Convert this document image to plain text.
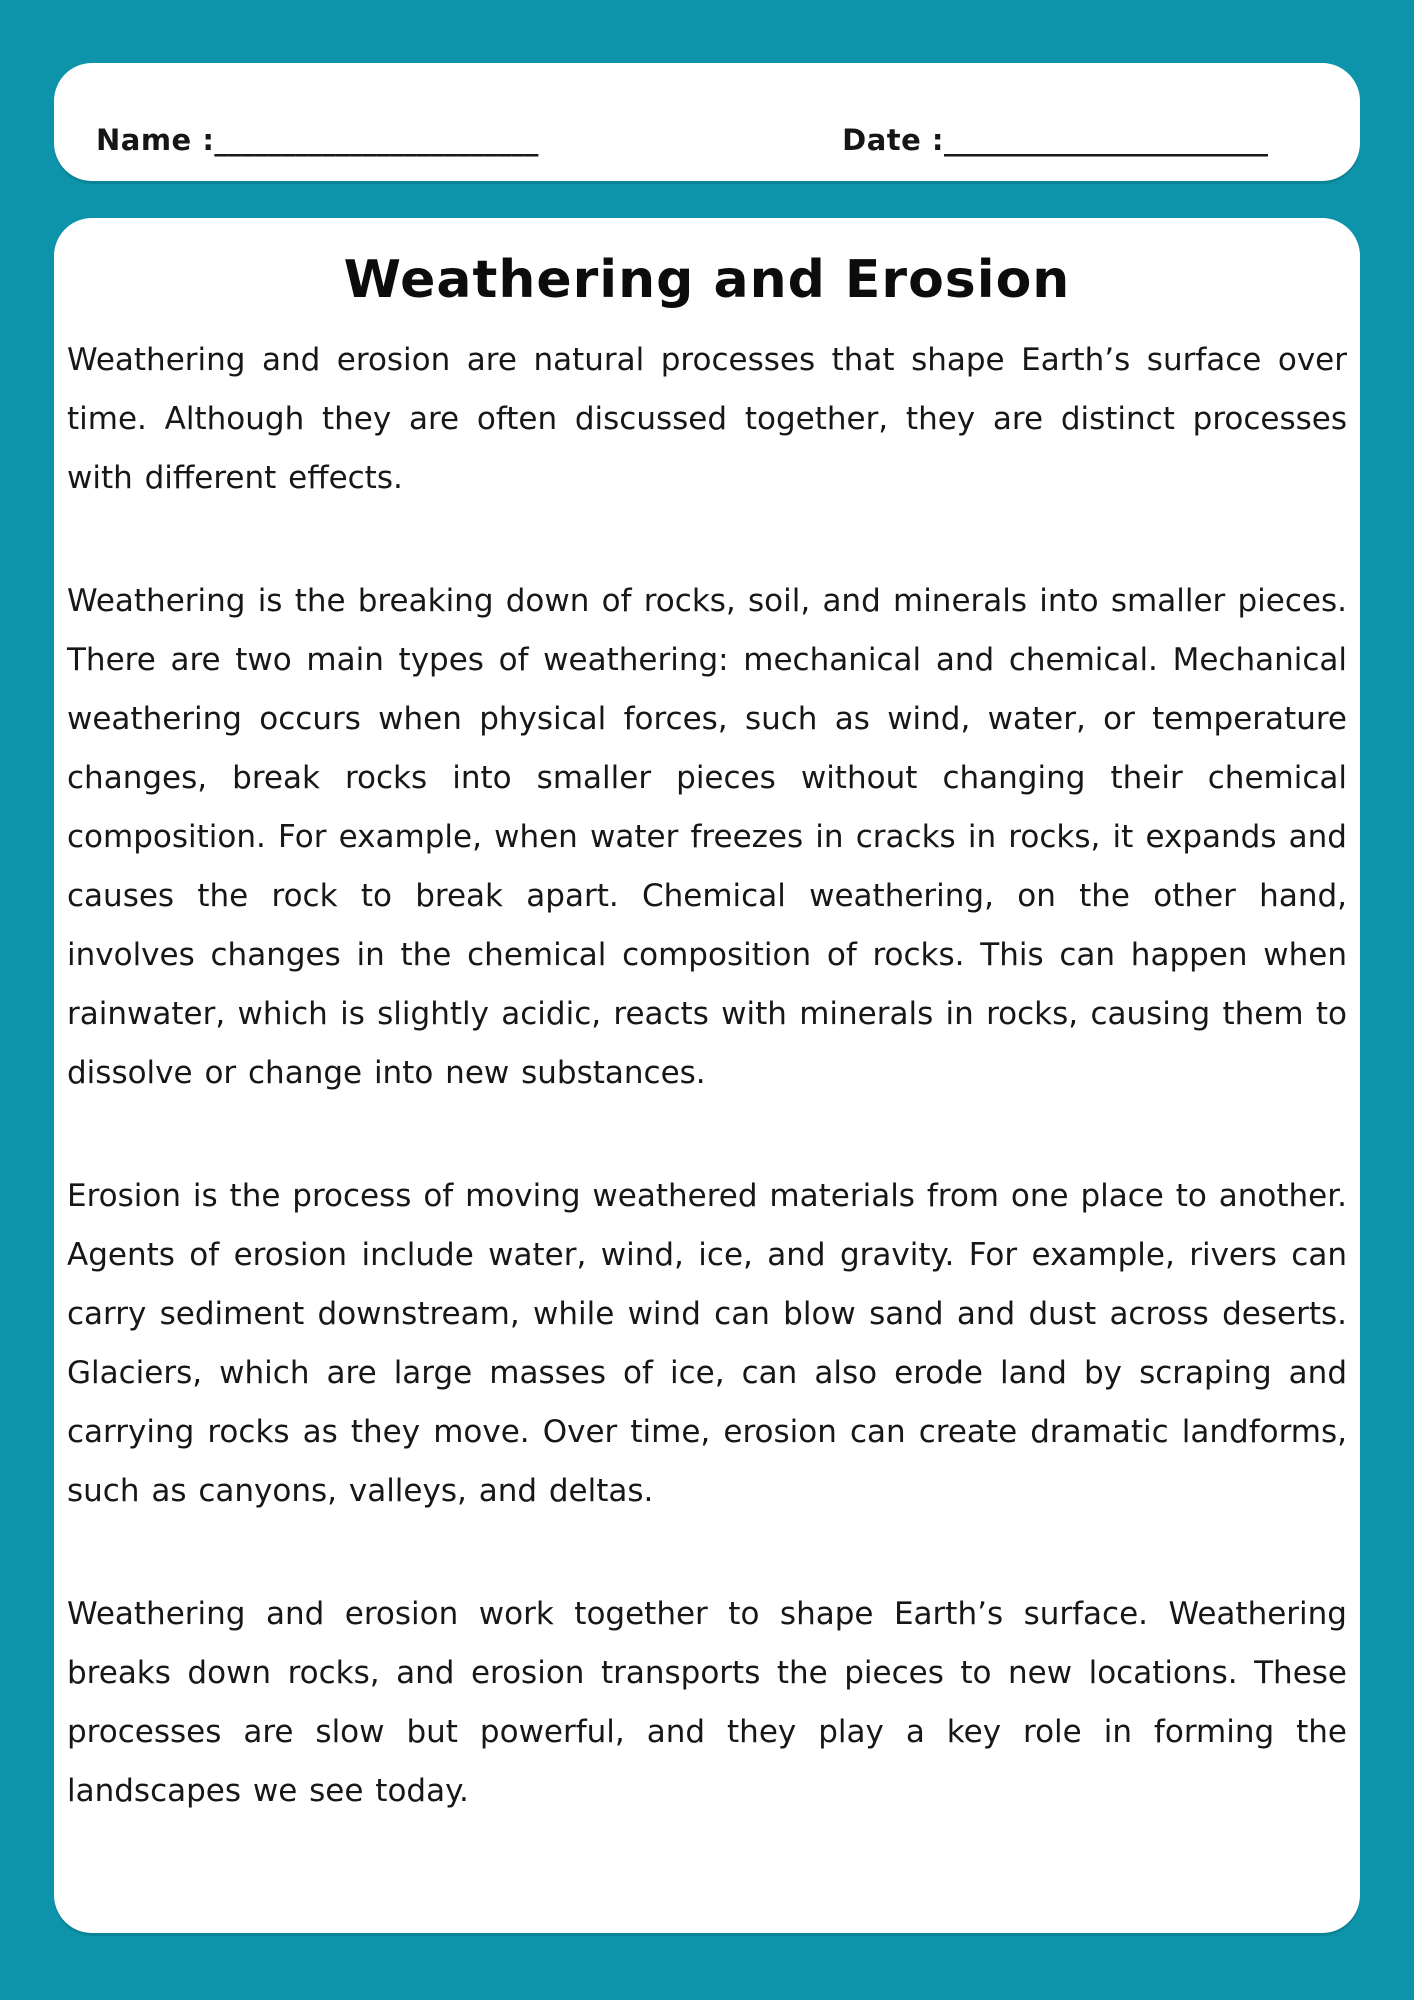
Name : ________________________	Date : ________________________
Weathering and Erosion

Weathering and erosion are natural processes that shape Earth’s surface over time. Although they are often discussed together, they are distinct processes with different effects.

Weathering is the breaking down of rocks, soil, and minerals into smaller pieces. There are two main types of weathering: mechanical and chemical. Mechanical weathering occurs when physical forces, such as wind, water, or temperature changes, break rocks into smaller pieces without changing their chemical composition. For example, when water freezes in cracks in rocks, it expands and causes the rock to break apart. Chemical weathering, on the other hand, involves changes in the chemical composition of rocks. This can happen when rainwater, which is slightly acidic, reacts with minerals in rocks, causing them to dissolve or change into new substances.

Erosion is the process of moving weathered materials from one place to another. Agents of erosion include water, wind, ice, and gravity. For example, rivers can carry sediment downstream, while wind can blow sand and dust across deserts. Glaciers, which are large masses of ice, can also erode land by scraping and carrying rocks as they move. Over time, erosion can create dramatic landforms, such as canyons, valleys, and deltas.

Weathering and erosion work together to shape Earth’s surface. Weathering breaks down rocks, and erosion transports the pieces to new locations. These processes are slow but powerful, and they play a key role in forming the landscapes we see today.
